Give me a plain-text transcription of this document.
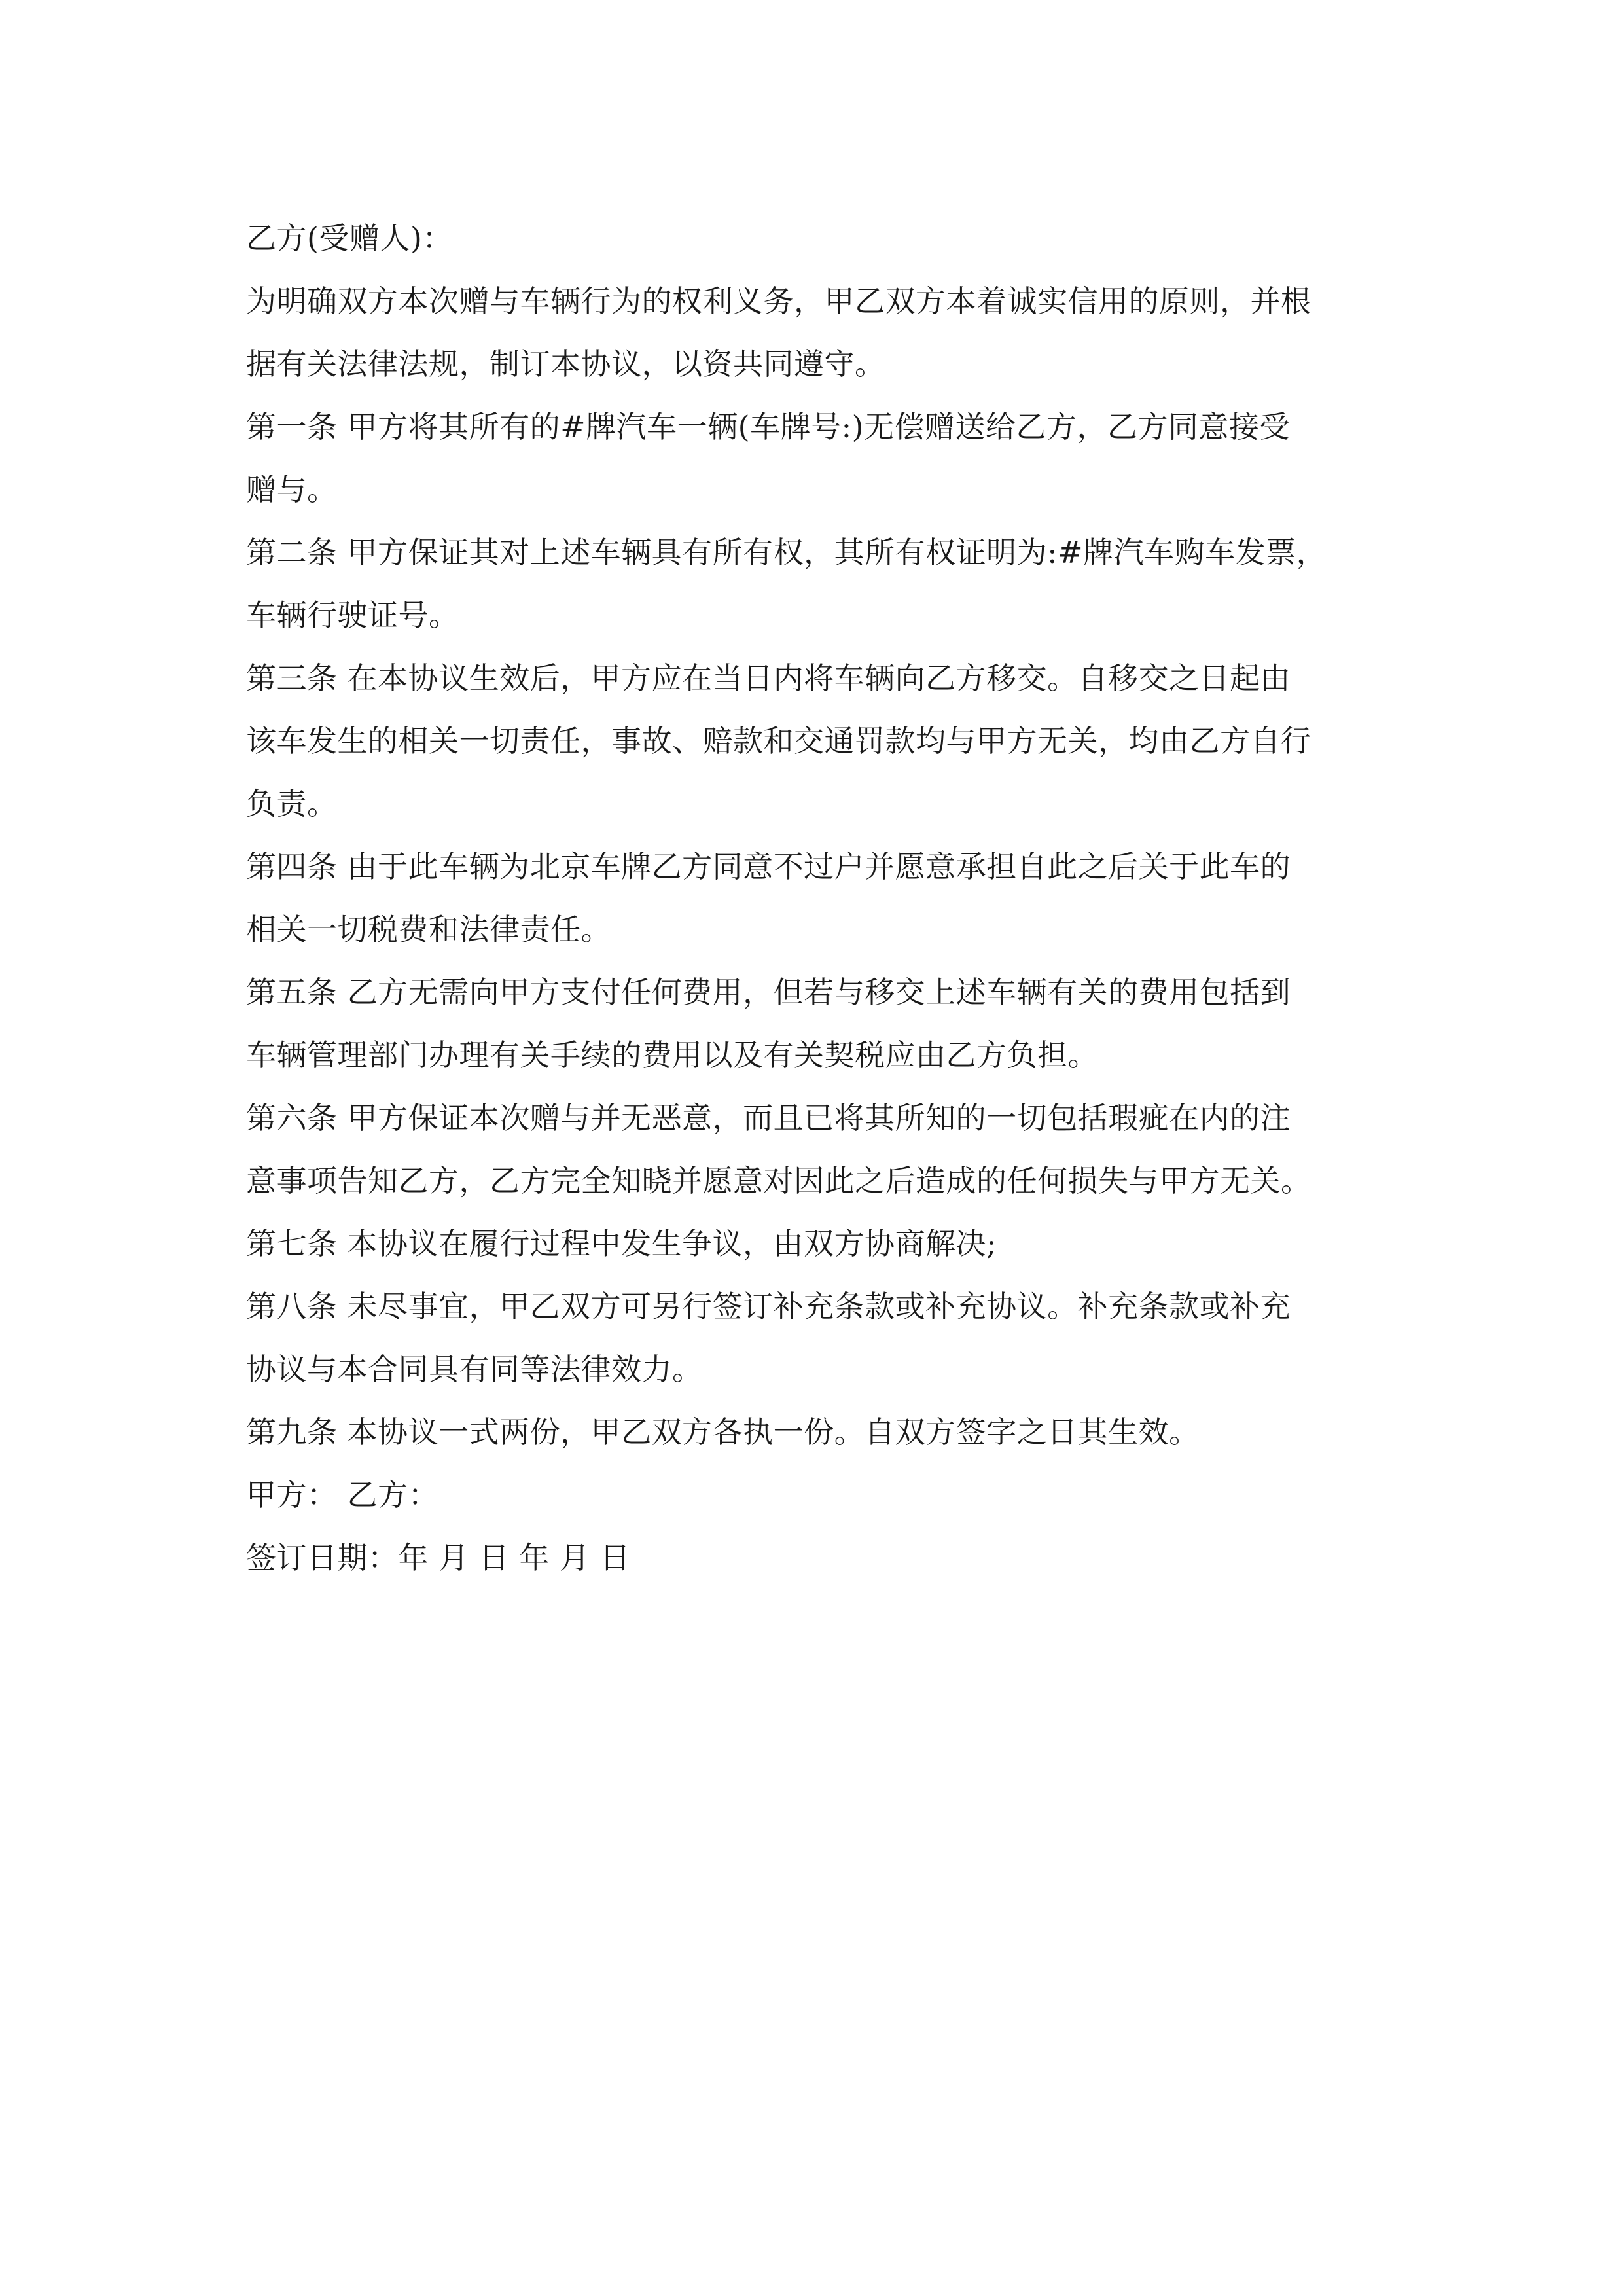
乙方(受赠人)：
为明确双方本次赠与车辆行为的权利义务，甲乙双方本着诚实信用的原则，并根
据有关法律法规，制订本协议，以资共同遵守。
第一条 甲方将其所有的#牌汽车一辆(车牌号:)无偿赠送给乙方，乙方同意接受
赠与。
第二条 甲方保证其对上述车辆具有所有权，其所有权证明为:#牌汽车购车发票，
车辆行驶证号。
第三条 在本协议生效后，甲方应在当日内将车辆向乙方移交。自移交之日起由
该车发生的相关一切责任，事故、赔款和交通罚款均与甲方无关，均由乙方自行
负责。
第四条 由于此车辆为北京车牌乙方同意不过户并愿意承担自此之后关于此车的
相关一切税费和法律责任。
第五条 乙方无需向甲方支付任何费用，但若与移交上述车辆有关的费用包括到
车辆管理部门办理有关手续的费用以及有关契税应由乙方负担。
第六条 甲方保证本次赠与并无恶意，而且已将其所知的一切包括瑕疵在内的注
意事项告知乙方，乙方完全知晓并愿意对因此之后造成的任何损失与甲方无关。
第七条 本协议在履行过程中发生争议，由双方协商解决;
第八条 未尽事宜，甲乙双方可另行签订补充条款或补充协议。补充条款或补充
协议与本合同具有同等法律效力。
第九条 本协议一式两份，甲乙双方各执一份。自双方签字之日其生效。
甲方： 乙方：
签订日期：年 月 日 年 月 日
